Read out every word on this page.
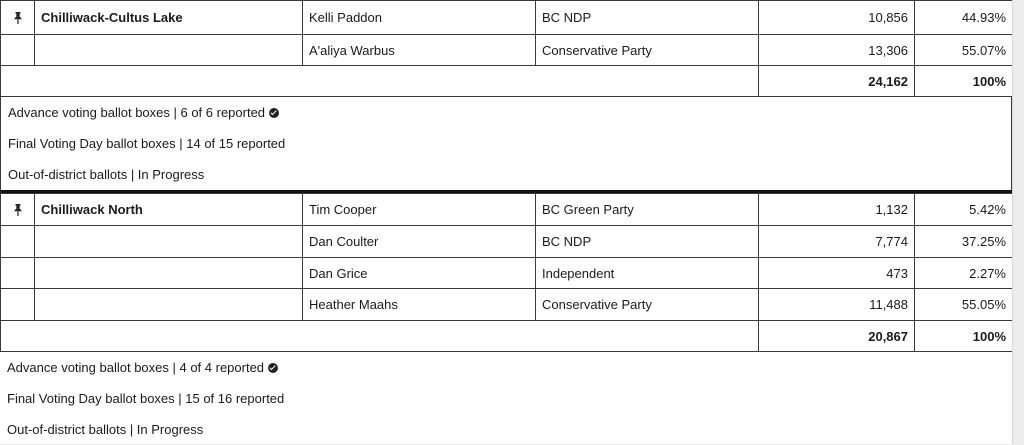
	Chilliwack-Cultus Lake	Kelli Paddon	BC NDP	10,856	44.93%
		A'aliya Warbus	Conservative Party	13,306	55.07%
				24,162	100%
Advance voting ballot boxes | 6 of 6 reported
Final Voting Day ballot boxes | 14 of 15 reported
Out-of-district ballots | In Progress
	Chilliwack North	Tim Cooper	BC Green Party	1,132	5.42%
		Dan Coulter	BC NDP	7,774	37.25%
		Dan Grice	Independent	473	2.27%
		Heather Maahs	Conservative Party	11,488	55.05%
				20,867	100%
Advance voting ballot boxes | 4 of 4 reported
Final Voting Day ballot boxes | 15 of 16 reported
Out-of-district ballots | In Progress
